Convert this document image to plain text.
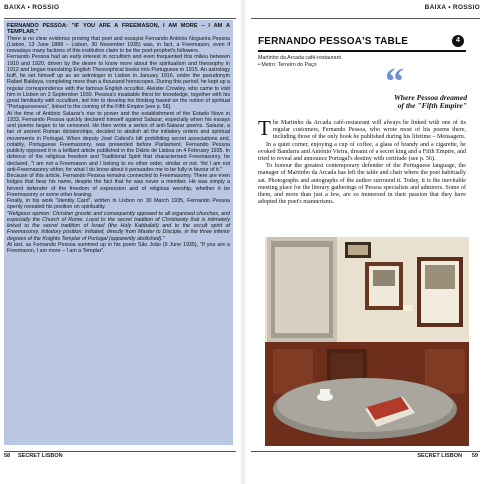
BAIXA • ROSSIO

FERNANDO PESSOA: "IF YOU ARE A FREEMASON, I AM MORE – I AM A TEMPLAR."

There is no clear evidence proving that poet and essayist Fernando António Nogueira Pessoa (Lisbon, 13 June 1888 – Lisbon, 30 November 1935) was, in fact, a Freemason, even if nowadays many factions of this institution claim to be the poet-prophet's followers.

Fernando Pessoa had an early interest in occultism and even frequented this milieu between 1910 and 1920, driven by the desire to know more about the spiritualism and theosophy in 1912 and began translating English Theosophical books into Portuguese in 1915. An astrology buff, he set himself up as an astrologer in Lisbon in January 1916, under the pseudonym Rafael Baldaya, completing more than a thousand horoscopes. During this period, he kept up a regular correspondence with the famous English occultist, Aleister Crowley, who came to visit him in Lisbon on 2 September 1930. Pessoa's insatiable thirst for knowledge, together with his great familiarity with occultism, led him to develop his thinking based on the notion of spiritual "Portugueseness", linked to the coming of the Fifth Empire [see p. 56].

At the time of António Salazar's rise to power and the establishment of the Estado Novo in 1933, Fernando Pessoa quickly declared himself against Salazar, especially when his essays and poems began to be censored. He then wrote a series of anti-Salazar poems. Salazar, a fan of ancient Roman dictatorships, decided to abolish all the initiatory orders and spiritual movements in Portugal. When deputy José Cabral's bill prohibiting secret associations and, notably, Portuguese Freemasonry, was presented before Parliament, Fernando Pessoa publicly opposed it in a brilliant article published in the Diário de Lisboa on 4 February 1935. In defence of the religious freedom and Traditional Spirit that characterised Freemasonry, he declared, "I am not a Freemason and I belong to no other order, similar or not. Yet I am not anti-Freemasonry either, for what I do know about it persuades me to be fully in favour of it."

Because of this article, Fernando Pessoa remains connected to Freemasonry. There are even lodges that bear his name, despite the fact that he was never a member. He was simply a fervent defender of the freedom of expression and of religious worship, whether it be Freemasonry or some other leaning.

Finally, in his work "Identity Card", written in Lisbon on 30 March 1935, Fernando Pessoa openly revealed his position on spirituality.

"Religious opinion: Christian gnostic and consequently opposed to all organised churches, and especially the Church of Rome. Loyal to the secret tradition of Christianity that is intimately linked to the secret tradition of Israel (the Holy Kabbalah) and to the occult spirit of Freemasonry. Initiatory position: Initiated, directly from Master to Disciple, in the three inferior degrees of the Knights Templar of Portugal (apparently abolished)."

At last, as Fernando Pessoa summed up in his poem São João (9 June 1935), "If you are a Freemason, I am more – I am a Templar".

58 SECRET LISBON
BAIXA • ROSSIO
FERNANDO PESSOA'S TABLE	4
Martinho da Arcada café-restaurant
• Metro: Terreiro do Paço	“
Where Pessoa dreamed of the "Fifth Empire"

The Martinho da Arcada café-restaurant will always be linked with one of its regular customers, Fernando Pessoa, who wrote most of his poems there, including those of the only book he published during his lifetime – Mensagem.

In a quiet corner, enjoying a cup of coffee, a glass of brandy and a cigarette, he evoked Bandarra and António Vieira, dreamt of a secret king and a Fifth Empire, and tried to reveal and announce Portugal's destiny with certitude (see p. 56).

To honour the greatest contemporary defender of the Portuguese language, the manager of Martinho da Arcada has left the table and chair where the poet habitually sat. Photographs and autographs of the author surround it. Today, it is the inevitable meeting place for the literary gatherings of Pessoa specialists and admirers. Some of them, and more than just a few, are so immersed in their passion that they have adopted the poet's mannerisms.

SECRET LISBON 59
